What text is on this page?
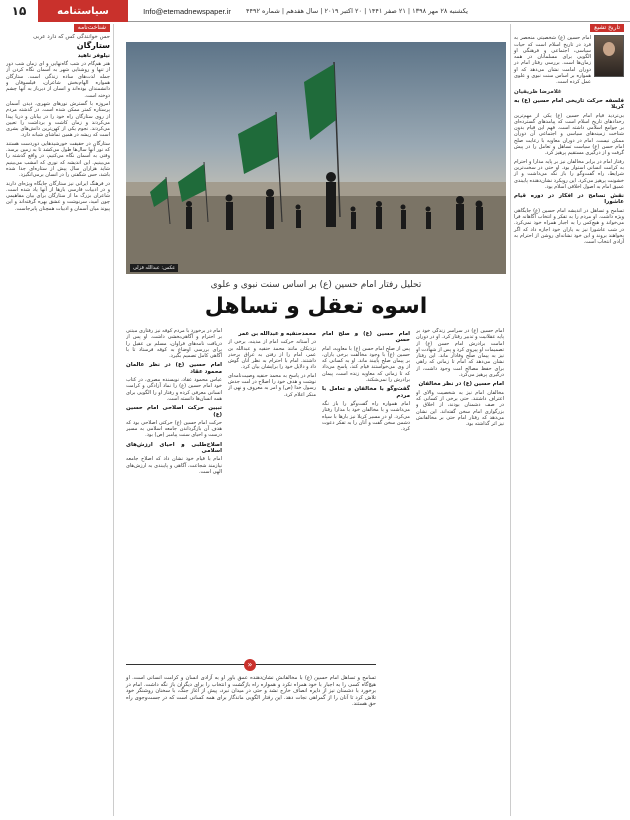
۱۵	سیاستنامه	Info@etemadnewspaper.ir	یکشنبه ۲۸ مهر ۱۳۹۸ | ۲۱ صفر ۱۴۴۱ | ۲۰ اکتبر ۲۰۱۹ | سال هفدهم | شماره ۴۴۹۲
تاریخ تشیع
امام حسین (ع) شخصیتی منحصر به فرد در تاریخ اسلام است که حیات سیاسی، اجتماعی و فرهنگی او الگویی برای مسلمانان در همه زمان‌ها است. بررسی رفتار امام در دوران امامت نشان می‌دهد که او همواره بر اساس سنت نبوی و علوی عمل کرده است.
غلامرضا ظریفیان
فلسفه حرکت تاریخی امام حسین (ع) به کربلا

بی‌تردید قیام امام حسین (ع) یکی از مهم‌ترین رخدادهای تاریخ اسلام است که پیامدهای گسترده‌ای بر جوامع اسلامی داشته است. فهم این قیام بدون شناخت زمینه‌های سیاسی و اجتماعی آن دوران ممکن نیست. امام در دوران معاویه با رعایت صلح امام حسن (ع) سیاست تساهل و تعامل را در پیش گرفت و از درگیری مستقیم پرهیز کرد.

رفتار امام در برابر مخالفان نیز بر پایه مدارا و احترام به کرامت انسانی استوار بود. او حتی در سخت‌ترین شرایط، راه گفت‌وگو را باز نگه می‌داشت و از خشونت پرهیز می‌کرد. این رویکرد نشان‌دهنده پایبندی عمیق امام به اصول اخلاقی اسلام بود.

نقش تسامح در افکار در دوره قیام عاشورا

تسامح و تساهل در اندیشه امام حسین (ع) جایگاهی ویژه داشت. او مردم را به تفکر و انتخاب آگاهانه فرا می‌خواند و هیچ‌کس را به اجبار همراه خود نمی‌کرد. در شب عاشورا نیز به یاران خود اجازه داد که اگر بخواهند بروند و این خود نشانه‌ای روشن از احترام به آزادی انتخاب است.

شناخت‌نامه
حس خوانندگی کس که دارد عربی
ستارگان
نیلوفر ناهید

هنر هم‌گام در شب گاه‌نهایی و ای زمان شب دور از تنها و روشنایی شهر به آسمان نگاه کردن از جمله لذت‌های ساده زندگی است. ستارگان همواره الهام‌بخش شاعران، فیلسوفان و دانشمندان بوده‌اند و انسان از دیرباز به آنها چشم دوخته است.

امروزه با گسترش نورهای شهری، دیدن آسمان پرستاره کمتر ممکن شده است. در گذشته مردم از روی ستارگان راه خود را در بیابان و دریا پیدا می‌کردند و زمان کاشت و برداشت را تعیین می‌کردند. نجوم یکی از کهن‌ترین دانش‌های بشری است که ریشه در همین تماشای شبانه دارد.

ستارگان در حقیقت خورشیدهایی دوردست هستند که نور آنها سال‌ها طول می‌کشد تا به زمین برسد. وقتی به آسمان نگاه می‌کنیم، در واقع گذشته را می‌بینیم. این اندیشه که نوری که امشب می‌بینیم شاید هزاران سال پیش از ستاره‌ای جدا شده باشد، حس شگفتی را در انسان برمی‌انگیزد.

در فرهنگ ایرانی نیز ستارگان جایگاه ویژه‌ای دارند و در ادبیات فارسی بارها از آنها یاد شده است. شاعران بزرگ ما از ستارگان برای بیان مفاهیمی چون امید، سرنوشت و عشق بهره گرفته‌اند و این پیوند میان آسمان و ادبیات همچنان پابرجاست.

عکس: عبدالله قزلی
تحلیل رفتار امام حسین (ع) بر اساس سنت نبوی و علوی
اسوه تعقل و تساهل

امام حسین (ع) در سراسر زندگی خود بر پایه عقلانیت و تدبیر رفتار کرد. او در دوران امامت برادرش امام حسن (ع) از تصمیمات او پیروی کرد و پس از شهادت او نیز به پیمان صلح وفادار ماند. این رفتار نشان می‌دهد که امام تا زمانی که راهی برای حفظ مصالح امت وجود داشت، از درگیری پرهیز می‌کرد.

امام حسین (ع) در نظر مخالفان

مخالفان امام نیز به شخصیت والای او اعتراف داشتند. حتی برخی از کسانی که در صف دشمنان بودند، از اخلاق و بزرگواری امام سخن گفته‌اند. این نشان می‌دهد که رفتار امام حتی بر مخالفانش نیز اثر گذاشته بود.

امام حسین (ع) و صلح امام حسن

پس از صلح امام حسن (ع) با معاویه، امام حسین (ع) با وجود مخالفت برخی یاران، بر پیمان صلح پایبند ماند. او به کسانی که از وی می‌خواستند قیام کند، پاسخ می‌داد که تا زمانی که معاویه زنده است، پیمان برادرش را نمی‌شکند.

گفت‌وگو با مخالفان و تعامل با مردم

امام همواره راه گفت‌وگو را باز نگه می‌داشت و با مخالفان خود با مدارا رفتار می‌کرد. او در مسیر کربلا نیز بارها با سپاه دشمن سخن گفت و آنان را به تفکر دعوت کرد.

محمدحنفیه و عبدالله بن عمر

در آستانه حرکت امام از مدینه، برخی از نزدیکان مانند محمد حنفیه و عبدالله بن عمر، امام را از رفتن به عراق برحذر داشتند. امام با احترام به نظر آنان گوش داد و دلایل خود را برایشان بیان کرد.

امام در پاسخ به محمد حنفیه وصیت‌نامه‌ای نوشت و هدف خود را اصلاح در امت جدش رسول خدا (ص) و امر به معروف و نهی از منکر اعلام کرد.

امام در برخورد با مردم کوفه نیز رفتاری مبتنی بر احترام و آگاهی‌بخشی داشت. او پس از دریافت نامه‌های فراوان، مسلم بن عقیل را برای بررسی اوضاع به کوفه فرستاد تا با آگاهی کامل تصمیم بگیرد.

امام حسین (ع) در نظر عالمان محمود عقاد

عباس محمود عقاد، نویسنده مصری، در کتاب خود امام حسین (ع) را نماد آزادگی و کرامت انسانی معرفی کرده و رفتار او را الگویی برای همه انسان‌ها دانسته است.

تبیین حرکت اصلاحی امام حسین (ع)

حرکت امام حسین (ع) حرکتی اصلاحی بود که هدف آن بازگرداندن جامعه اسلامی به مسیر درست و احیای سنت پیامبر (ص) بود.

اصلاح‌طلبی و احیای ارزش‌های اسلامی

امام با قیام خود نشان داد که اصلاح جامعه نیازمند شجاعت، آگاهی و پایبندی به ارزش‌های الهی است.

«
تسامح و تساهل امام حسین (ع) با مخالفانش نشان‌دهنده عمق باور او به آزادی انسان و کرامت انسانی است. او هیچ‌گاه کسی را به اجبار با خود همراه نکرد و همواره راه بازگشت و انتخاب را برای دیگران باز نگه داشت. امام در برخورد با دشمنان نیز از دایره انصاف خارج نشد و حتی در میدان نبرد، پیش از آغاز جنگ، با سخنان روشنگر خود تلاش کرد تا آنان را از گمراهی نجات دهد. این رفتار الگویی ماندگار برای همه کسانی است که در جست‌وجوی راه حق هستند.
